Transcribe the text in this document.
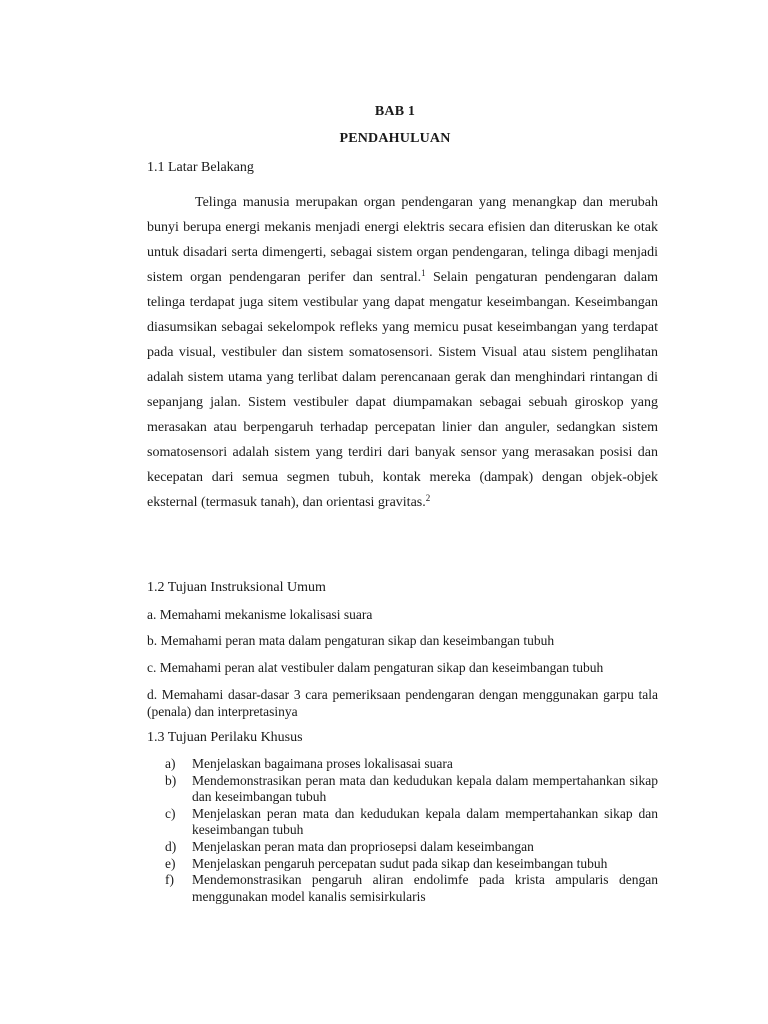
BAB 1
PENDAHULUAN
1.1 Latar Belakang
Telinga manusia merupakan organ pendengaran yang menangkap dan merubah bunyi berupa energi mekanis menjadi energi elektris secara efisien dan diteruskan ke otak untuk disadari serta dimengerti, sebagai sistem organ pendengaran, telinga dibagi menjadi sistem organ pendengaran perifer dan sentral.$^1$ Selain pengaturan pendengaran dalam telinga terdapat juga sitem vestibular yang dapat mengatur keseimbangan. Keseimbangan diasumsikan sebagai sekelompok refleks yang memicu pusat keseimbangan yang terdapat pada visual, vestibuler dan sistem somatosensori. Sistem Visual atau sistem penglihatan adalah sistem utama yang terlibat dalam perencanaan gerak dan menghindari rintangan di sepanjang jalan. Sistem vestibuler dapat diumpamakan sebagai sebuah giroskop yang merasakan atau berpengaruh terhadap percepatan linier dan anguler, sedangkan sistem somatosensori adalah sistem yang terdiri dari banyak sensor yang merasakan posisi dan kecepatan dari semua segmen tubuh, kontak mereka (dampak) dengan objek-objek eksternal (termasuk tanah), dan orientasi gravitas.$^2$
1.2 Tujuan Instruksional Umum
a. Memahami mekanisme lokalisasi suara
b. Memahami peran mata dalam pengaturan sikap dan keseimbangan tubuh
c. Memahami peran alat vestibuler dalam pengaturan sikap dan keseimbangan tubuh
d. Memahami dasar-dasar 3 cara pemeriksaan pendengaran dengan menggunakan garpu tala (penala) dan interpretasinya
1.3 Tujuan Perilaku Khusus
a)	Menjelaskan bagaimana proses lokalisasai suara
b)	Mendemonstrasikan peran mata dan kedudukan kepala dalam mempertahankan sikap dan keseimbangan tubuh
c)	Menjelaskan peran mata dan kedudukan kepala dalam mempertahankan sikap dan keseimbangan tubuh
d)	Menjelaskan peran mata dan propriosepsi dalam keseimbangan
e)	Menjelaskan pengaruh percepatan sudut pada sikap dan keseimbangan tubuh
f)	Mendemonstrasikan pengaruh aliran endolimfe pada krista ampularis dengan menggunakan model kanalis semisirkularis
